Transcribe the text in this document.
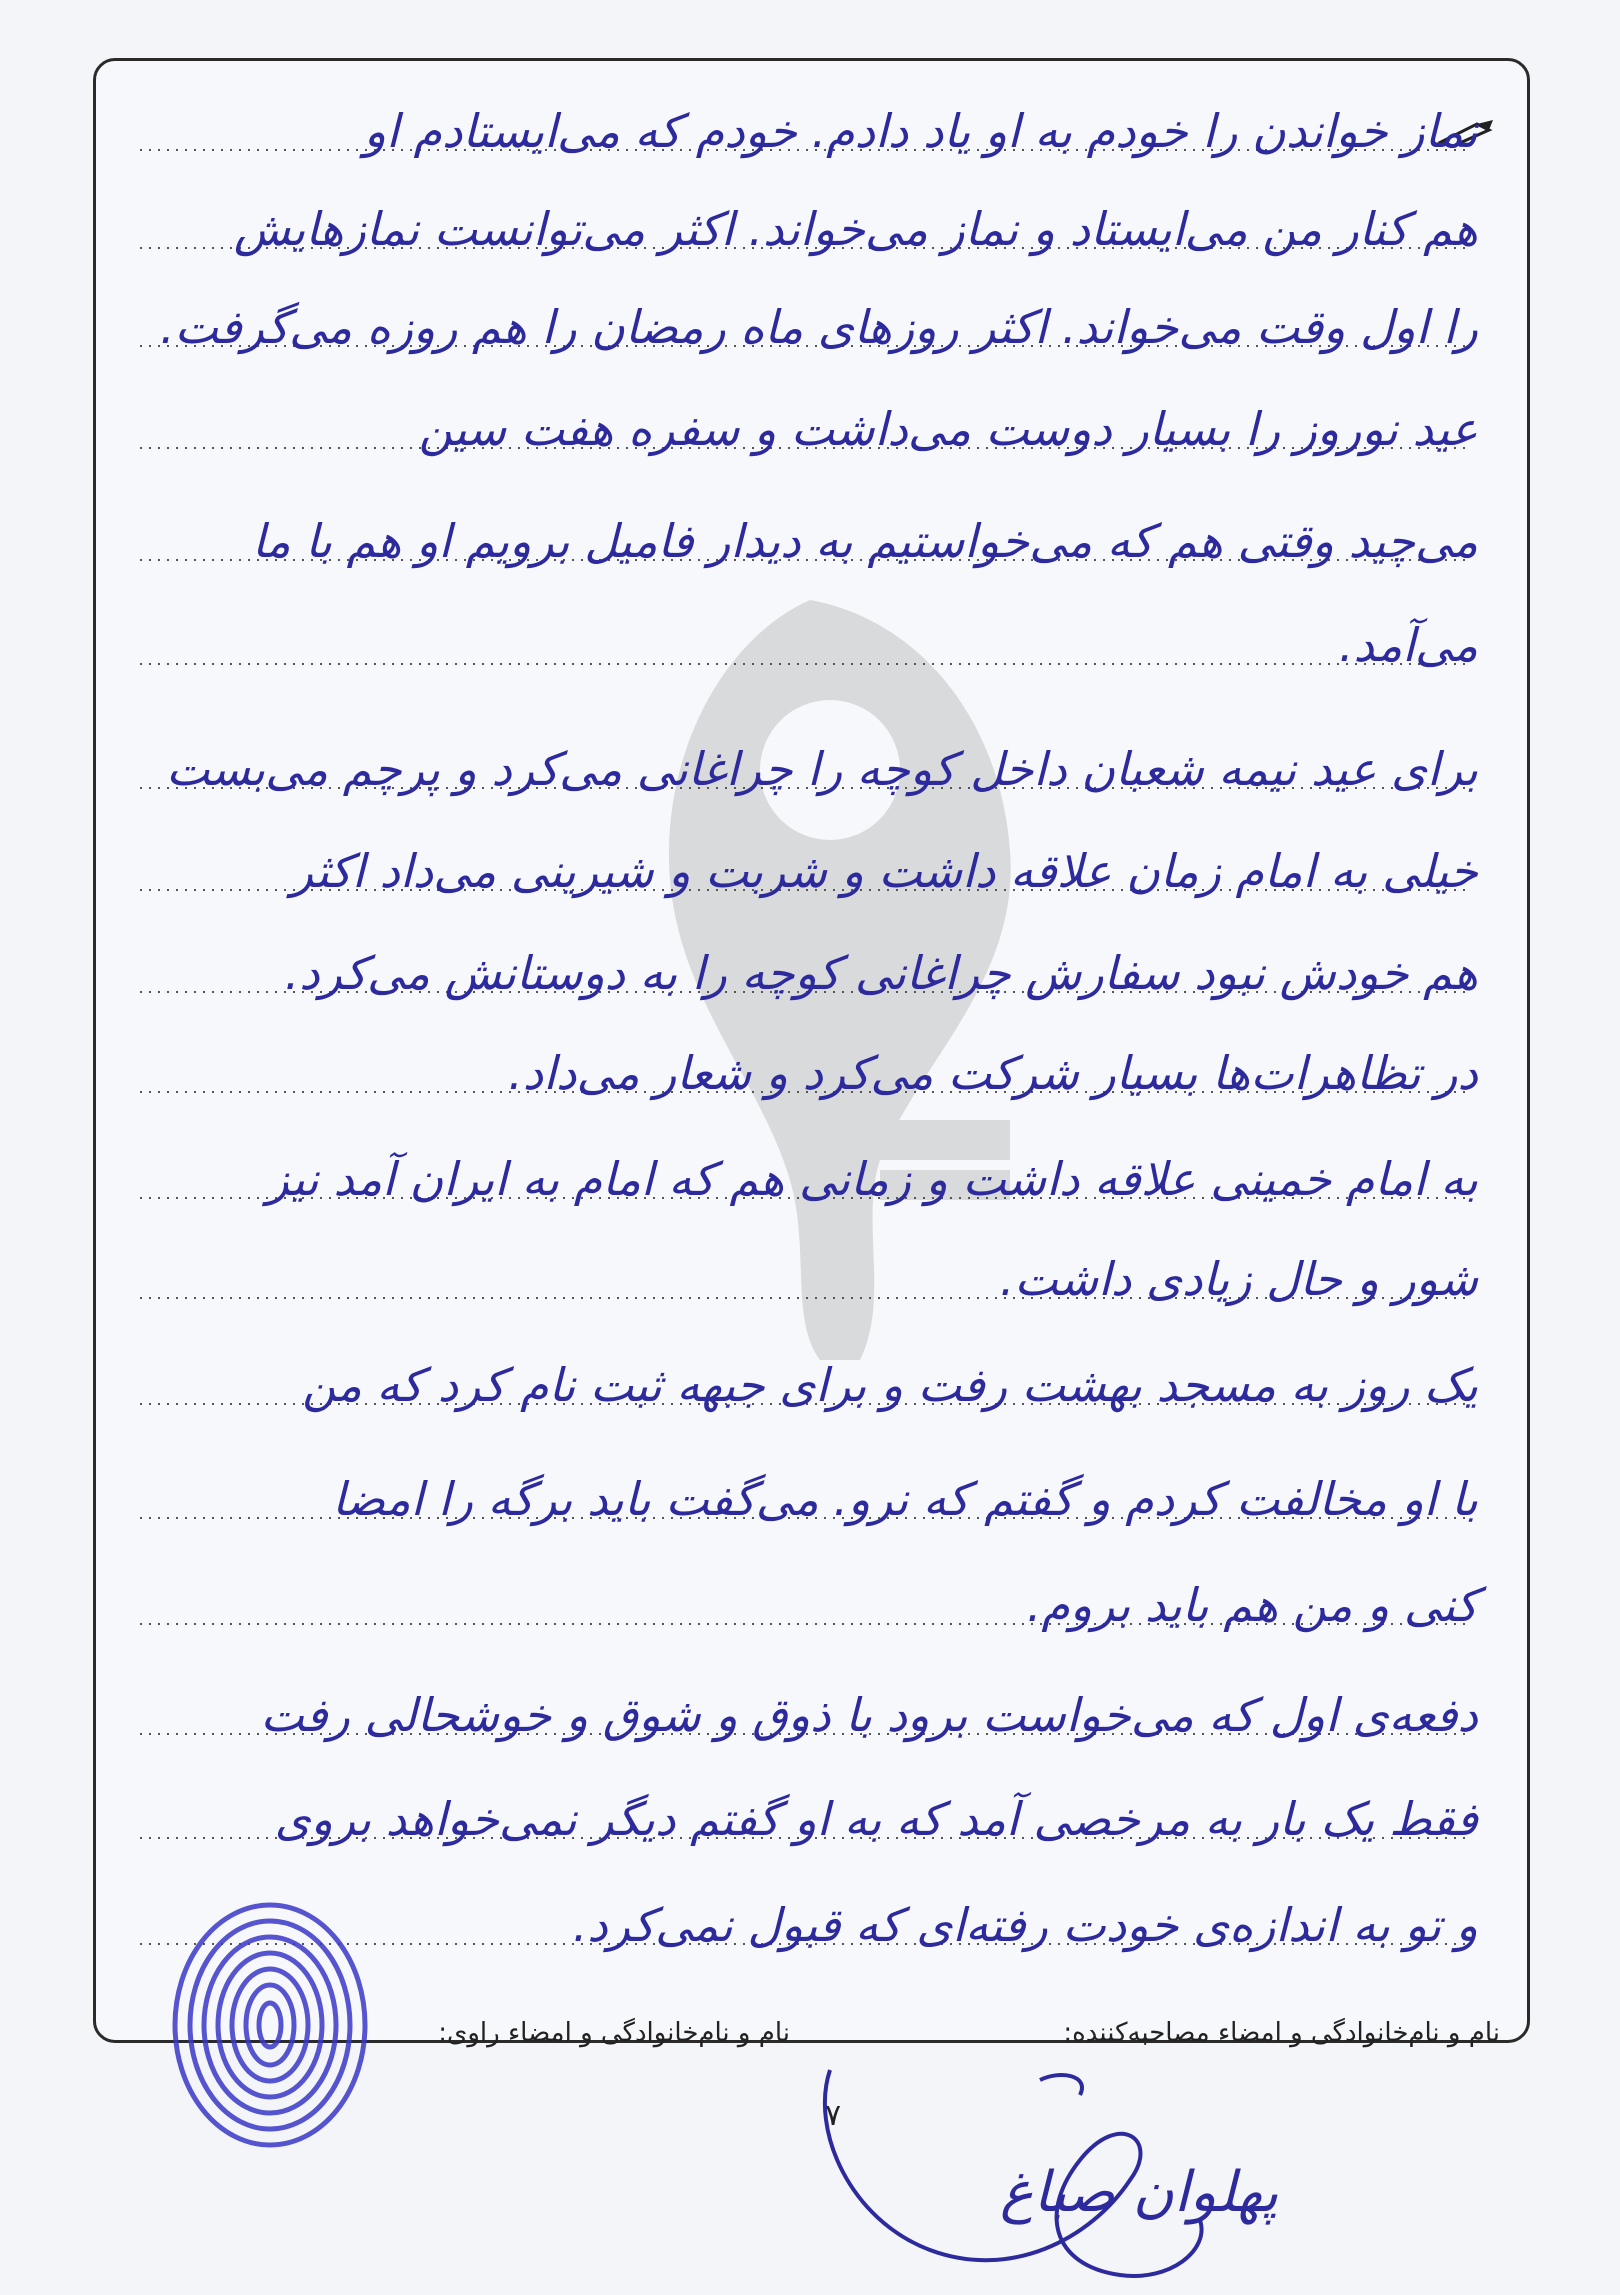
نماز خواندن را خودم به او یاد دادم. خودم که می‌ایستادم او
هم کنار من می‌ایستاد و نماز می‌خواند. اکثر می‌توانست نمازهایش
را اول وقت می‌خواند. اکثر روزهای ماه رمضان را هم روزه می‌گرفت.
عید نوروز را بسیار دوست می‌داشت و سفره هفت سین
می‌چید وقتی هم که می‌خواستیم به دیدار فامیل برویم او هم با ما
می‌آمد.
برای عید نیمه شعبان داخل کوچه را چراغانی می‌کرد و پرچم می‌بست
خیلی به امام زمان علاقه داشت و شربت و شیرینی می‌داد اکثر
هم خودش نبود سفارش چراغانی کوچه را به دوستانش می‌کرد.
در تظاهرات‌ها بسیار شرکت می‌کرد و شعار می‌داد.
به امام خمینی علاقه داشت و زمانی هم که امام به ایران آمد نیز
شور و حال زیادی داشت.
یک روز به مسجد بهشت رفت و برای جبهه ثبت نام کرد که من
با او مخالفت کردم و گفتم که نرو. می‌گفت باید برگه را امضا
کنی و من هم باید بروم.
دفعه‌ی اول که می‌خواست برود با ذوق و شوق و خوشحالی رفت
فقط یک بار به مرخصی آمد که به او گفتم دیگر نمی‌خواهد بروی
و تو به اندازه‌ی خودت رفته‌ای که قبول نمی‌کرد.
نام و نام‌خانوادگی و امضاء مصاحبه‌کننده:
نام و نام‌خانوادگی و امضاء راوی:
۷
پهلوان صباغ
